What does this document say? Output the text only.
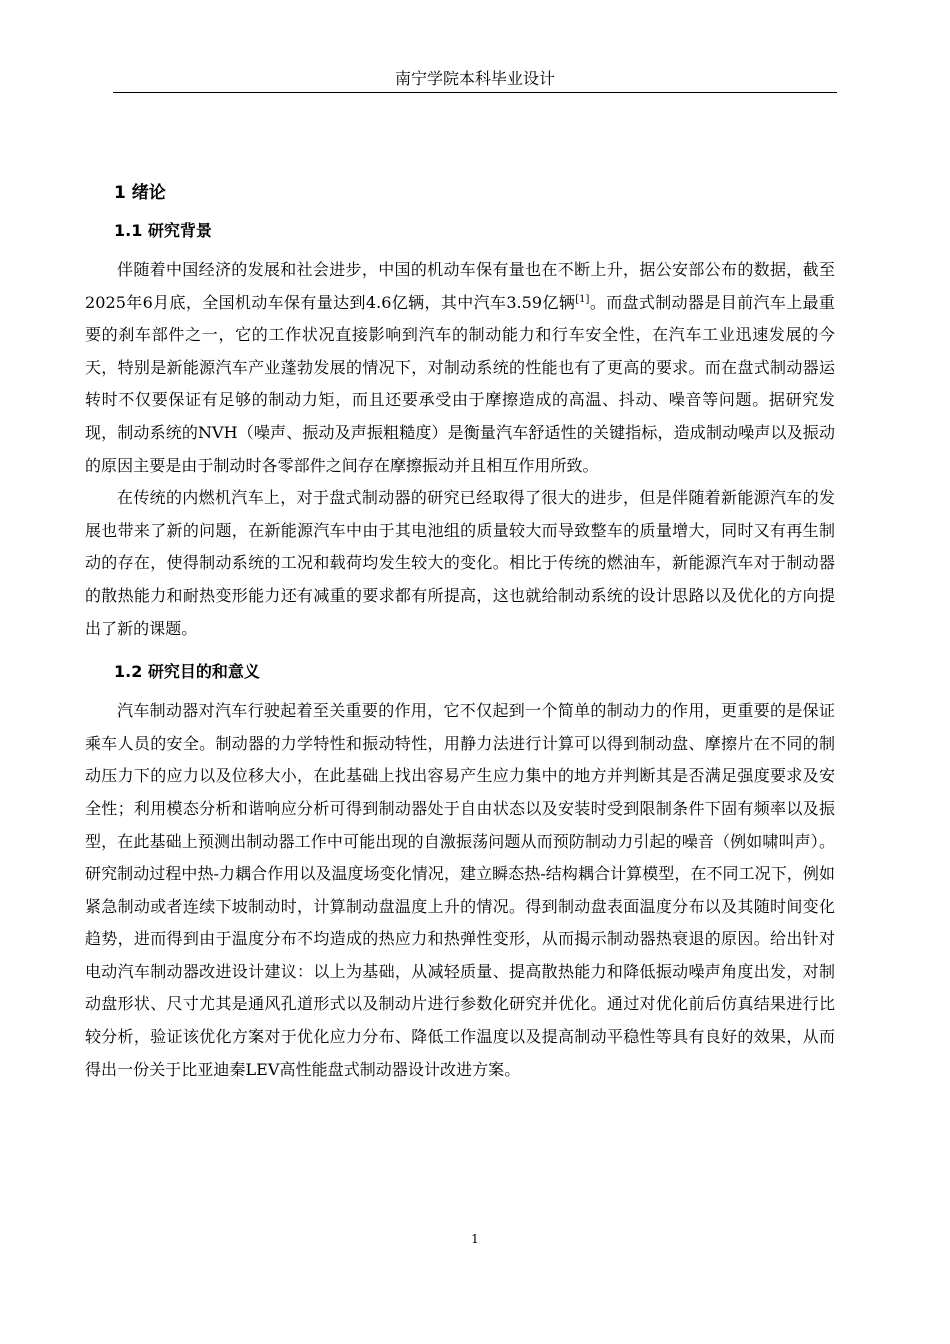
南宁学院本科毕业设计
1 绪论
1.1 研究背景

伴随着中国经济的发展和社会进步，中国的机动车保有量也在不断上升，据公安部公布的数据，截至2025年6月底，全国机动车保有量达到4.6亿辆，其中汽车3.59亿辆[1]。而盘式制动器是目前汽车上最重要的刹车部件之一，它的工作状况直接影响到汽车的制动能力和行车安全性，在汽车工业迅速发展的今天，特别是新能源汽车产业蓬勃发展的情况下，对制动系统的性能也有了更高的要求。而在盘式制动器运转时不仅要保证有足够的制动力矩，而且还要承受由于摩擦造成的高温、抖动、噪音等问题。据研究发现，制动系统的NVH（噪声、振动及声振粗糙度）是衡量汽车舒适性的关键指标，造成制动噪声以及振动的原因主要是由于制动时各零部件之间存在摩擦振动并且相互作用所致。

在传统的内燃机汽车上，对于盘式制动器的研究已经取得了很大的进步，但是伴随着新能源汽车的发展也带来了新的问题，在新能源汽车中由于其电池组的质量较大而导致整车的质量增大，同时又有再生制动的存在，使得制动系统的工况和载荷均发生较大的变化。相比于传统的燃油车，新能源汽车对于制动器的散热能力和耐热变形能力还有减重的要求都有所提高，这也就给制动系统的设计思路以及优化的方向提出了新的课题。

1.2 研究目的和意义

汽车制动器对汽车行驶起着至关重要的作用，它不仅起到一个简单的制动力的作用，更重要的是保证乘车人员的安全。制动器的力学特性和振动特性，用静力法进行计算可以得到制动盘、摩擦片在不同的制动压力下的应力以及位移大小，在此基础上找出容易产生应力集中的地方并判断其是否满足强度要求及安全性；利用模态分析和谐响应分析可得到制动器处于自由状态以及安装时受到限制条件下固有频率以及振型，在此基础上预测出制动器工作中可能出现的自激振荡问题从而预防制动力引起的噪音（例如啸叫声）。研究制动过程中热-力耦合作用以及温度场变化情况，建立瞬态热-结构耦合计算模型，在不同工况下，例如紧急制动或者连续下坡制动时，计算制动盘温度上升的情况。得到制动盘表面温度分布以及其随时间变化趋势，进而得到由于温度分布不均造成的热应力和热弹性变形，从而揭示制动器热衰退的原因。给出针对电动汽车制动器改进设计建议：以上为基础，从减轻质量、提高散热能力和降低振动噪声角度出发，对制动盘形状、尺寸尤其是通风孔道形式以及制动片进行参数化研究并优化。通过对优化前后仿真结果进行比较分析，验证该优化方案对于优化应力分布、降低工作温度以及提高制动平稳性等具有良好的效果，从而得出一份关于比亚迪秦LEV高性能盘式制动器设计改进方案。

1
